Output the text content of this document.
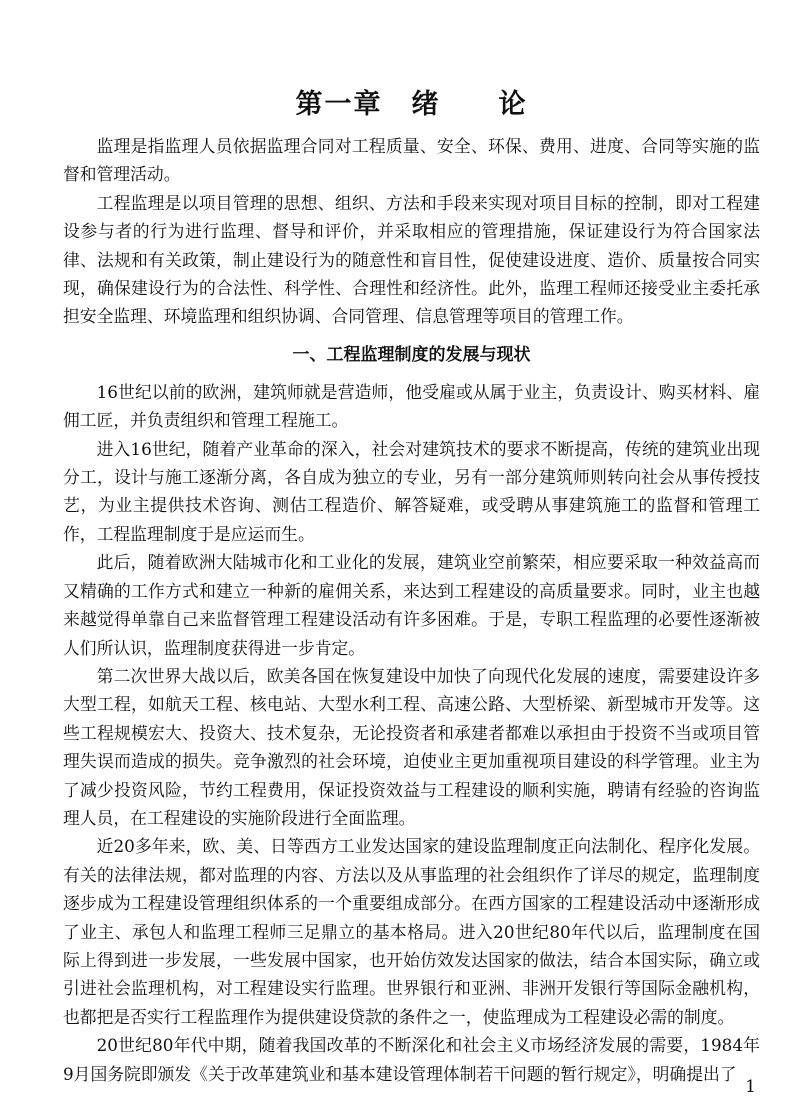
第一章　绪　　论

监理是指监理人员依据监理合同对工程质量、安全、环保、费用、进度、合同等实施的监督和管理活动。

工程监理是以项目管理的思想、组织、方法和手段来实现对项目目标的控制，即对工程建设参与者的行为进行监理、督导和评价，并采取相应的管理措施，保证建设行为符合国家法律、法规和有关政策，制止建设行为的随意性和盲目性，促使建设进度、造价、质量按合同实现，确保建设行为的合法性、科学性、合理性和经济性。此外，监理工程师还接受业主委托承担安全监理、环境监理和组织协调、合同管理、信息管理等项目的管理工作。

一、工程监理制度的发展与现状

16世纪以前的欧洲，建筑师就是营造师，他受雇或从属于业主，负责设计、购买材料、雇佣工匠，并负责组织和管理工程施工。

进入16世纪，随着产业革命的深入，社会对建筑技术的要求不断提高，传统的建筑业出现分工，设计与施工逐渐分离，各自成为独立的专业，另有一部分建筑师则转向社会从事传授技艺，为业主提供技术咨询、测估工程造价、解答疑难，或受聘从事建筑施工的监督和管理工作，工程监理制度于是应运而生。

此后，随着欧洲大陆城市化和工业化的发展，建筑业空前繁荣，相应要采取一种效益高而又精确的工作方式和建立一种新的雇佣关系，来达到工程建设的高质量要求。同时，业主也越来越觉得单靠自己来监督管理工程建设活动有许多困难。于是，专职工程监理的必要性逐渐被人们所认识，监理制度获得进一步肯定。

第二次世界大战以后，欧美各国在恢复建设中加快了向现代化发展的速度，需要建设许多大型工程，如航天工程、核电站、大型水利工程、高速公路、大型桥梁、新型城市开发等。这些工程规模宏大、投资大、技术复杂，无论投资者和承建者都难以承担由于投资不当或项目管理失误而造成的损失。竞争激烈的社会环境，迫使业主更加重视项目建设的科学管理。业主为了减少投资风险，节约工程费用，保证投资效益与工程建设的顺利实施，聘请有经验的咨询监理人员，在工程建设的实施阶段进行全面监理。

近20多年来，欧、美、日等西方工业发达国家的建设监理制度正向法制化、程序化发展。有关的法律法规，都对监理的内容、方法以及从事监理的社会组织作了详尽的规定，监理制度逐步成为工程建设管理组织体系的一个重要组成部分。在西方国家的工程建设活动中逐渐形成了业主、承包人和监理工程师三足鼎立的基本格局。进入20世纪80年代以后，监理制度在国际上得到进一步发展，一些发展中国家，也开始仿效发达国家的做法，结合本国实际，确立或引进社会监理机构，对工程建设实行监理。世界银行和亚洲、非洲开发银行等国际金融机构，也都把是否实行工程监理作为提供建设贷款的条件之一，使监理成为工程建设必需的制度。

20世纪80年代中期，随着我国改革的不断深化和社会主义市场经济发展的需要，1984年9月国务院即颁发《关于改革建筑业和基本建设管理体制若干问题的暂行规定》，明确提出了

1
